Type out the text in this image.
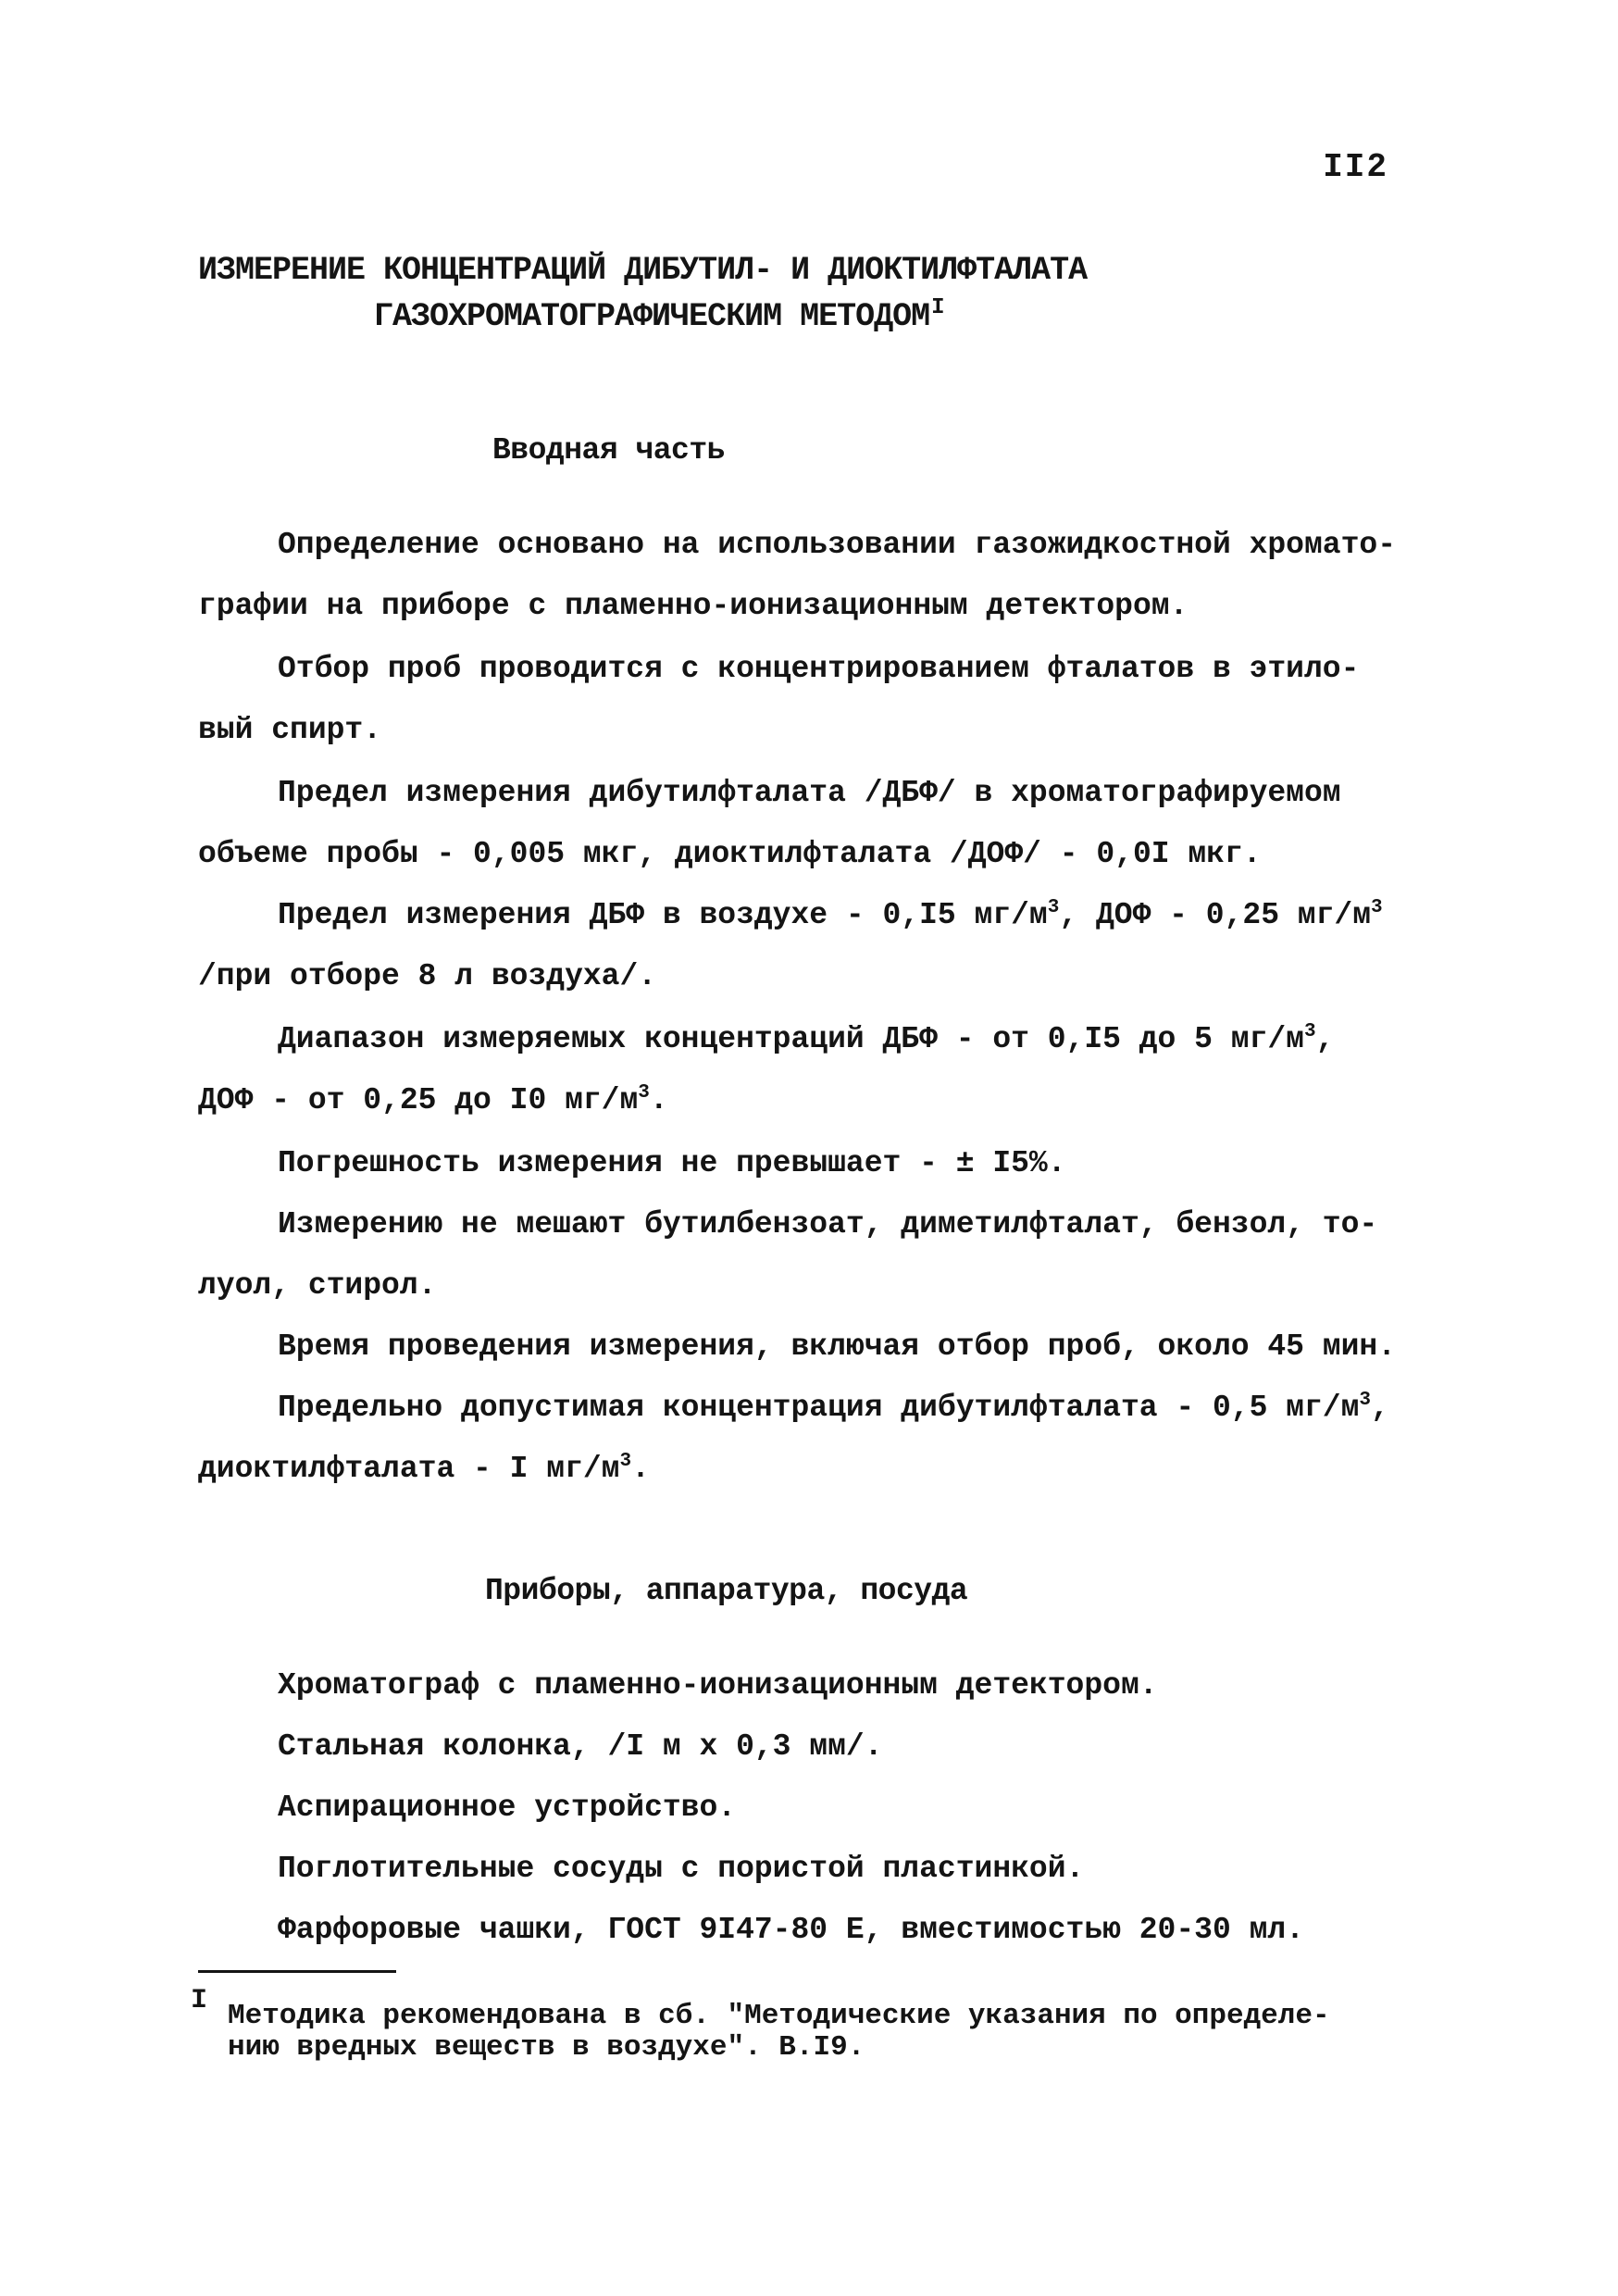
II2
ИЗМЕРЕНИЕ КОНЦЕНТРАЦИЙ ДИБУТИЛ- И ДИОКТИЛФТАЛАТА
ГАЗОХРОМАТОГРАФИЧЕСКИМ $МЕТОДОМ^I$
Вводная часть
Определение основано на использовании газожидкостной хромато-
графии на приборе с пламенно-ионизационным детектором.
Отбор проб проводится с концентрированием фталатов в этило-
вый спирт.
Предел измерения дибутилфталата /ДБФ/ в хроматографируемом
объеме пробы - 0,005 мкг, диоктилфталата /ДОФ/ - 0,0I мкг.
Предел измерения ДБФ в воздухе - 0,I5 $мг/м^3$, ДОФ - 0,25 $мг/м^3$
/при отборе 8 л воздуха/.
Диапазон измеряемых концентраций ДБФ - от 0,I5 до 5 $мг/м^3$,
ДОФ - от 0,25 до I0 $мг/м^3$.
Погрешность измерения не превышает - ± I5%.
Измерению не мешают бутилбензоат, диметилфталат, бензол, то-
луол, стирол.
Время проведения измерения, включая отбор проб, около 45 мин.
Предельно допустимая концентрация дибутилфталата - 0,5 $мг/м^3$,
диоктилфталата - I $мг/м^3$.
Приборы, аппаратура, посуда
Хроматограф с пламенно-ионизационным детектором.
Стальная колонка, /I м х 0,3 мм/.
Аспирационное устройство.
Поглотительные сосуды с пористой пластинкой.
Фарфоровые чашки, ГОСТ 9I47-80 Е, вместимостью 20-30 мл.
I Методика рекомендована в сб. "Методические указания по определе-
нию вредных веществ в воздухе". В.I9.
